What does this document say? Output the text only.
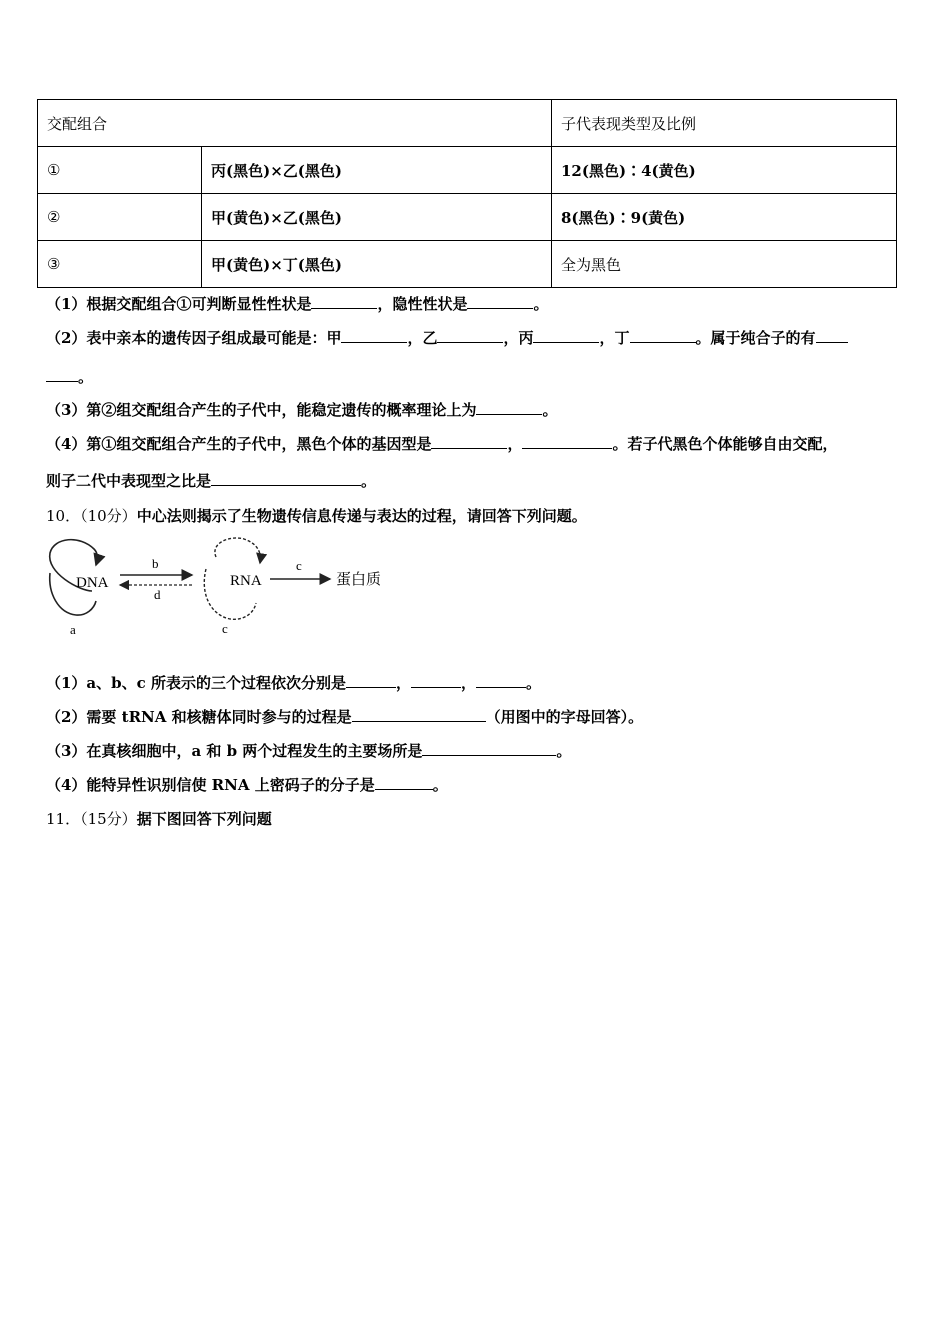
交配组合		子代表现类型及比例
①	丙(黑色)×乙(黑色)	12(黑色)∶4(黄色)
②	甲(黄色)×乙(黑色)	8(黑色)∶9(黄色)
③	甲(黄色)×丁(黑色)	全为黑色
（1）根据交配组合①可判断显性性状是	，隐性性状是	。
（2）表中亲本的遗传因子组成最可能是：甲	，乙	，丙	，丁	。属于纯合子的有
。
（3）第②组交配组合产生的子代中，能稳定遗传的概率理论上为	。
（4）第①组交配组合产生的子代中，黑色个体的基因型是	，	。若子代黑色个体能够自由交配，
则子二代中表现型之比是	。
10．（10分）中心法则揭示了生物遗传信息传递与表达的过程，请回答下列问题。
DNA
a
b
d
RNA
c
c
蛋白质
（1）a、b、c 所表示的三个过程依次分别是	，	，	。
（2）需要 tRNA 和核糖体同时参与的过程是	（用图中的字母回答）。
（3）在真核细胞中，a 和 b 两个过程发生的主要场所是	。
（4）能特异性识别信使 RNA 上密码子的分子是	。
11．（15分）据下图回答下列问题
